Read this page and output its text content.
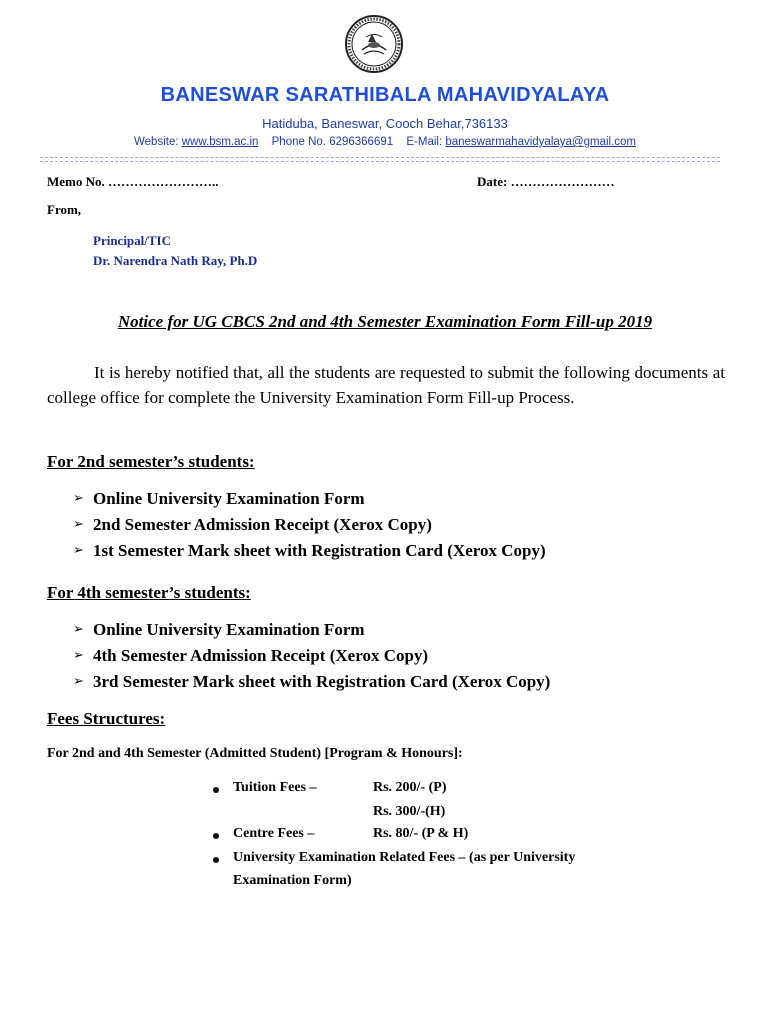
BANESWAR SARATHIBALA MAHAVIDYALAYA
Hatiduba, Baneswar, Cooch Behar,736133
Website: www.bsm.ac.in Phone No. 6296366691 E-Mail: baneswarmahavidyalaya@gmail.com
Memo No. ……………………..	Date: ……………………
From,
Principal/TIC
Dr. Narendra Nath Ray, Ph.D
Notice for UG CBCS 2nd and 4th Semester Examination Form Fill-up 2019
It is hereby notified that, all the students are requested to submit the following documents at college office for complete the University Examination Form Fill-up Process.
For 2nd semester’s students:
➢ Online University Examination Form
➢ 2nd Semester Admission Receipt (Xerox Copy)
➢ 1st Semester Mark sheet with Registration Card (Xerox Copy)
For 4th semester’s students:
➢ Online University Examination Form
➢ 4th Semester Admission Receipt (Xerox Copy)
➢ 3rd Semester Mark sheet with Registration Card (Xerox Copy)
Fees Structures:
For 2nd and 4th Semester (Admitted Student) [Program & Honours]:
Tuition Fees –	Rs. 200/- (P)
Rs. 300/-(H)
Centre Fees –	Rs. 80/- (P & H)
University Examination Related Fees – (as per University
Examination Form)
